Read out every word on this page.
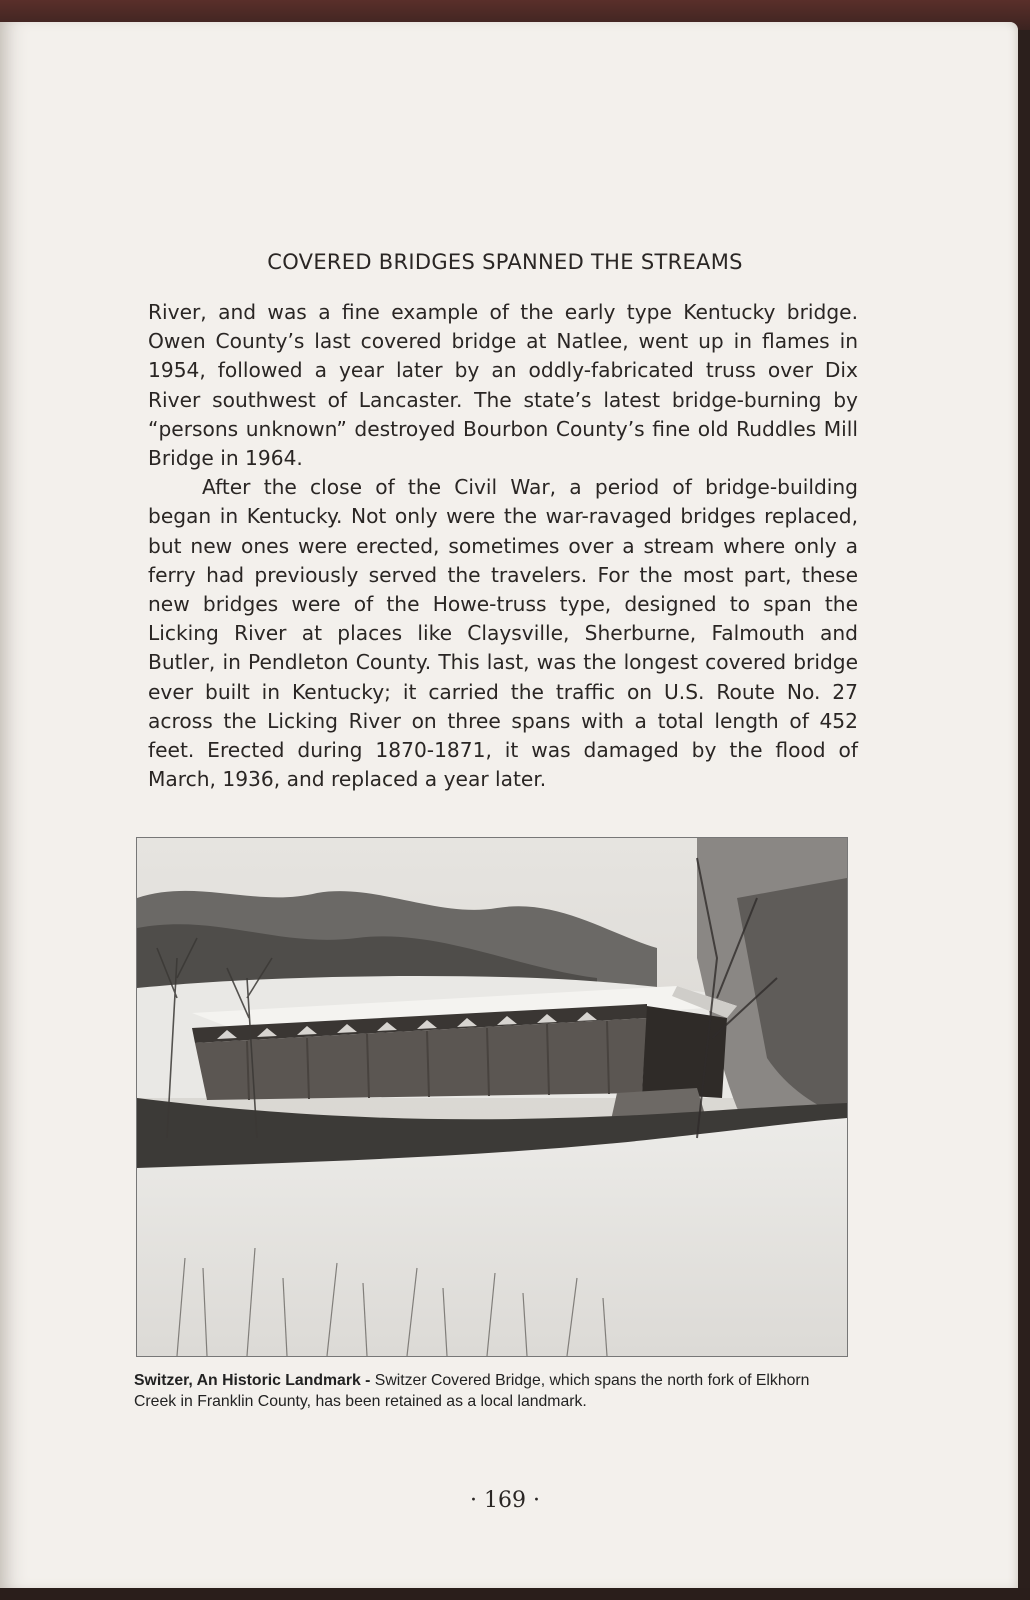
COVERED BRIDGES SPANNED THE STREAMS

River, and was a fine example of the early type Kentucky bridge. Owen County’s last covered bridge at Natlee, went up in flames in 1954, followed a year later by an oddly-fabricated truss over Dix River southwest of Lancaster. The state’s latest bridge-burning by “persons unknown” destroyed Bourbon County’s fine old Ruddles Mill Bridge in 1964.

After the close of the Civil War, a period of bridge-building began in Kentucky. Not only were the war-ravaged bridges replaced, but new ones were erected, sometimes over a stream where only a ferry had previously served the travelers. For the most part, these new bridges were of the Howe-truss type, designed to span the Licking River at places like Claysville, Sherburne, Falmouth and Butler, in Pendleton County. This last, was the longest covered bridge ever built in Kentucky; it carried the traffic on U.S. Route No. 27 across the Licking River on three spans with a total length of 452 feet. Erected during 1870-1871, it was damaged by the flood of March, 1936, and replaced a year later.

Switzer, An Historic Landmark - Switzer Covered Bridge, which spans the north fork of Elkhorn Creek in Franklin County, has been retained as a local landmark.
· 169 ·
